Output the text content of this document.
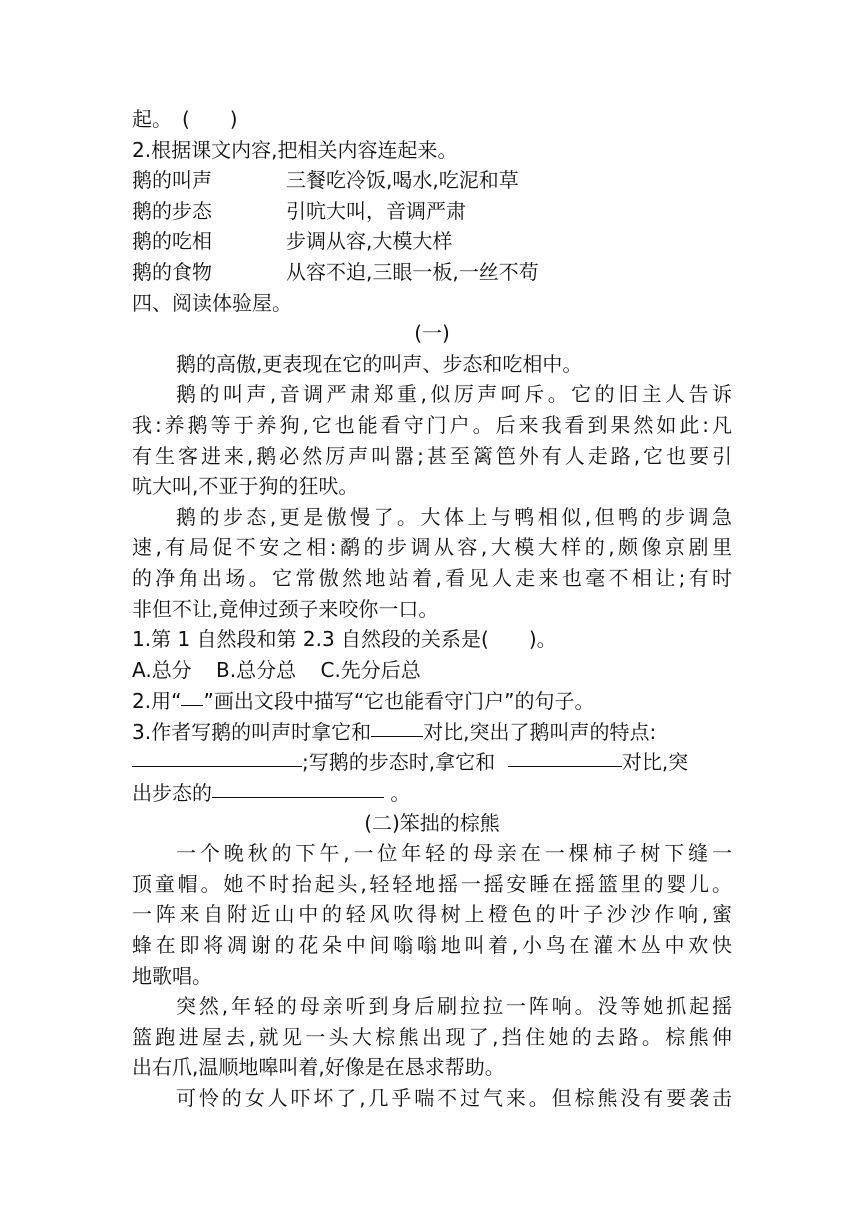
起。　(　　)
2.根据课文内容,把相关内容连起来。
鹅的叫声	三餐吃冷饭,喝水,吃泥和草
鹅的步态	引吭大叫，音调严肃
鹅的吃相	步调从容,大模大样
鹅的食物	从容不迫,三眼一板,一丝不苟
四、阅读体验屋。
(一)
鹅的高傲,更表现在它的叫声、步态和吃相中。
鹅的叫声,音调严肃郑重,似厉声呵斥。它的旧主人告诉
我:养鹅等于养狗,它也能看守门户。后来我看到果然如此:凡
有生客进来,鹅必然厉声叫嚣;甚至篱笆外有人走路,它也要引
吭大叫,不亚于狗的狂吠。
鹅的步态,更是傲慢了。大体上与鸭相似,但鸭的步调急
速,有局促不安之相:鹬的步调从容,大模大样的,颇像京剧里
的净角出场。它常傲然地站着,看见人走来也毫不相让;有时
非但不让,竟伸过颈子来咬你一口。
1.第 1 自然段和第 2.3 自然段的关系是(　　)。
A.总分 B.总分总 C.先分后总
2.用“ ”画出文段中描写“它也能看守门户”的句子。
3.作者写鹅的叫声时拿它和	对比,突出了鹅叫声的特点:
;写鹅的步态时,拿它和	对比,突
出步态的	。
(二)笨拙的棕熊
一个晚秋的下午,一位年轻的母亲在一棵柿子树下缝一
顶童帽。她不时抬起头,轻轻地摇一摇安睡在摇篮里的婴儿。
一阵来自附近山中的轻风吹得树上橙色的叶子沙沙作响,蜜
蜂在即将凋谢的花朵中间嗡嗡地叫着,小鸟在灌木丛中欢快
地歌唱。
突然,年轻的母亲听到身后刷拉拉一阵响。没等她抓起摇
篮跑进屋去,就见一头大棕熊出现了,挡住她的去路。棕熊伸
出右爪,温顺地嗥叫着,好像是在恳求帮助。
可怜的女人吓坏了,几乎喘不过气来。但棕熊没有要袭击
